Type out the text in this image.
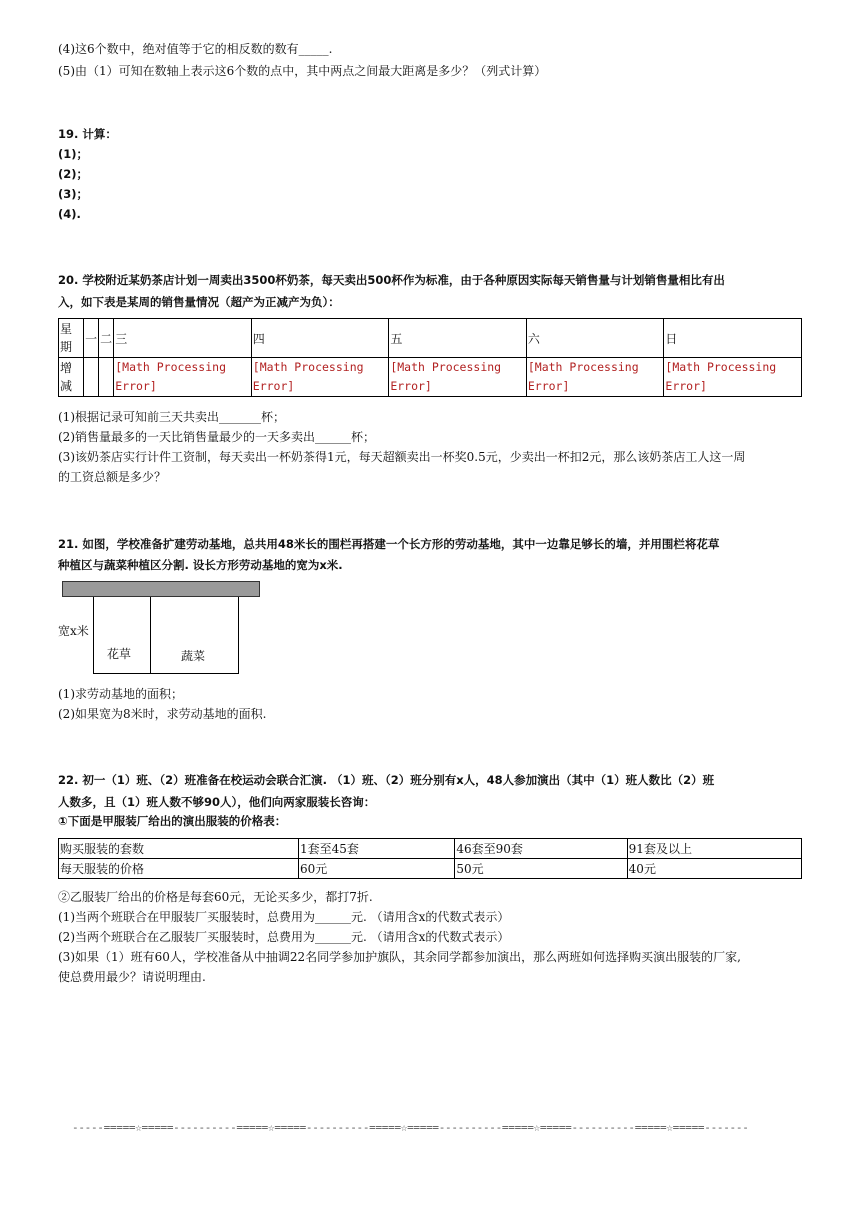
(4)这6个数中，绝对值等于它的相反数的数有_____.
(5)由（1）可知在数轴上表示这6个数的点中，其中两点之间最大距离是多少？（列式计算）
19. 计算：
(1)；
(2)；
(3)；
(4).
20. 学校附近某奶茶店计划一周卖出3500杯奶茶，每天卖出500杯作为标准，由于各种原因实际每天销售量与计划销售量相比有出
入，如下表是某周的销售量情况（超产为正减产为负）：
星期	一	二	三	四	五	六	日
增减			[Math Processing Error]	[Math Processing Error]	[Math Processing Error]	[Math Processing Error]	[Math Processing Error]
(1)根据记录可知前三天共卖出_______杯；
(2)销售量最多的一天比销售量最少的一天多卖出______杯；
(3)该奶茶店实行计件工资制，每天卖出一杯奶茶得1元，每天超额卖出一杯奖0.5元，少卖出一杯扣2元，那么该奶茶店工人这一周
的工资总额是多少？
21. 如图，学校准备扩建劳动基地，总共用48米长的围栏再搭建一个长方形的劳动基地，其中一边靠足够长的墙，并用围栏将花草
种植区与蔬菜种植区分割. 设长方形劳动基地的宽为x米.
宽x米
花草	蔬菜
(1)求劳动基地的面积；
(2)如果宽为8米时，求劳动基地的面积.
22. 初一（1）班、（2）班准备在校运动会联合汇演. （1）班、（2）班分别有x人，48人参加演出（其中（1）班人数比（2）班
人数多，且（1）班人数不够90人），他们向两家服装长咨询：
①下面是甲服装厂给出的演出服装的价格表：
购买服装的套数	1套至45套	46套至90套	91套及以上
每天服装的价格	60元	50元	40元
②乙服装厂给出的价格是每套60元，无论买多少，都打7折.
(1)当两个班联合在甲服装厂买服装时，总费用为______元. （请用含x的代数式表示）
(2)当两个班联合在乙服装厂买服装时，总费用为______元. （请用含x的代数式表示）
(3)如果（1）班有60人，学校准备从中抽调22名同学参加护旗队，其余同学都参加演出，那么两班如何选择购买演出服装的厂家,
使总费用最少？请说明理由.
-----=====☆=====----------=====☆=====----------=====☆=====----------=====☆=====----------=====☆=====-------
